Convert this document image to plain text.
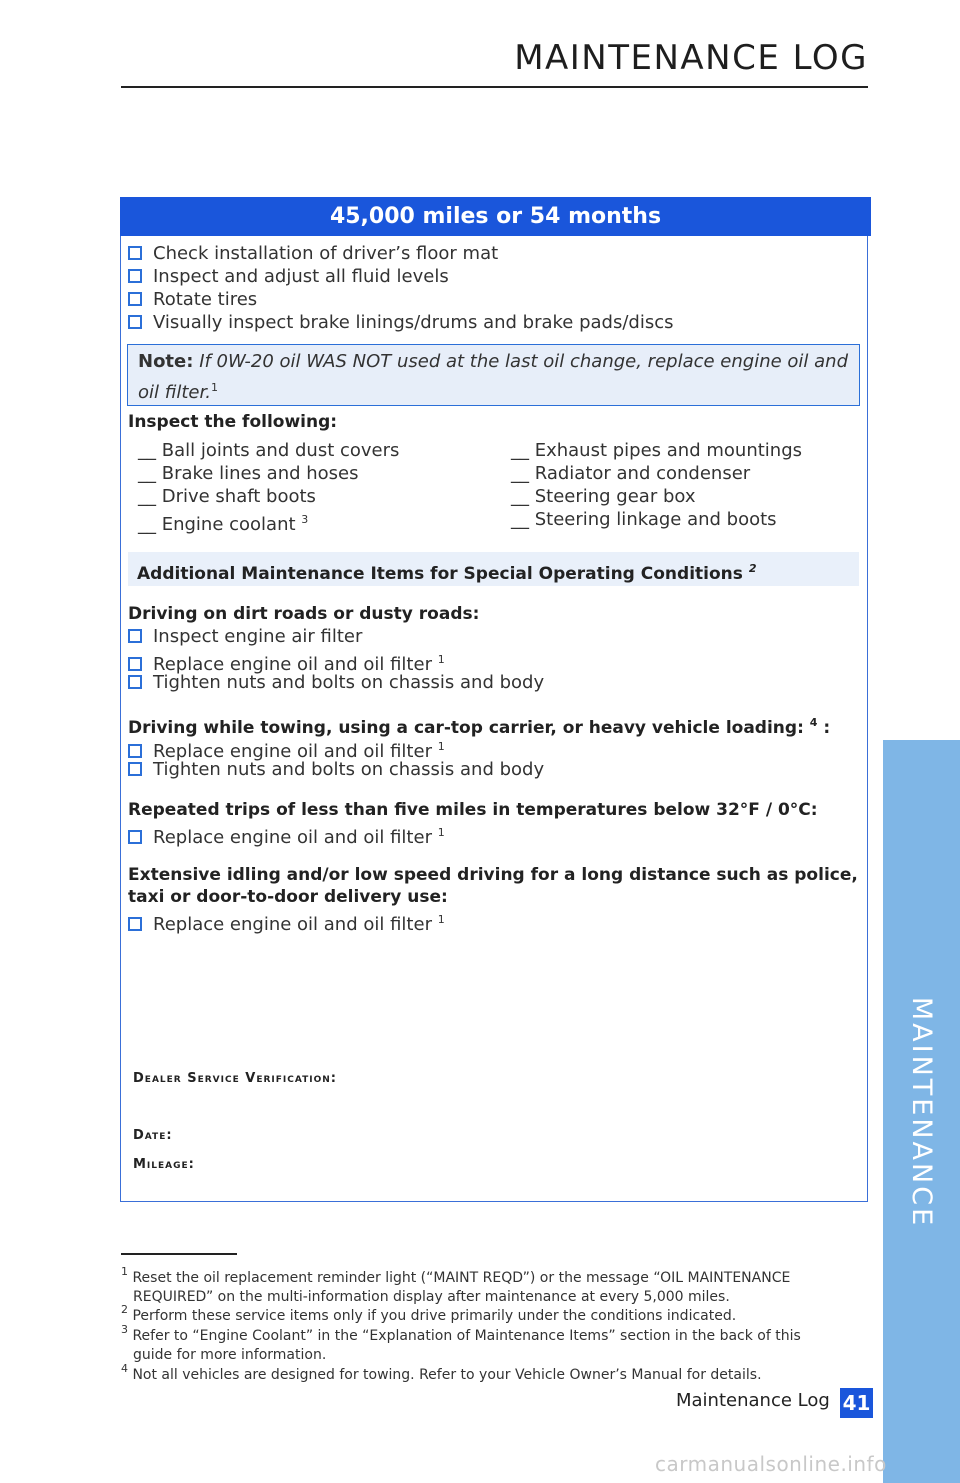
MAINTENANCE LOG
MAINTENANCE
45,000 miles or 54 months
Check installation of driver’s floor mat
Inspect and adjust all fluid levels
Rotate tires
Visually inspect brake linings/drums and brake pads/discs
Note: If 0W-20 oil WAS NOT used at the last oil change, replace engine oil and oil filter.$^1$
Inspect the following:
__ Ball joints and dust covers
__ Brake lines and hoses
__ Drive shaft boots
__ Engine coolant $^3$
__ Exhaust pipes and mountings
__ Radiator and condenser
__ Steering gear box
__ Steering linkage and boots
Additional Maintenance Items for Special Operating Conditions $^2$
Driving on dirt roads or dusty roads:
Inspect engine air filter
Replace engine oil and oil filter $^1$
Tighten nuts and bolts on chassis and body
Driving while towing, using a car-top carrier, or heavy vehicle loading: $^4$ :
Replace engine oil and oil filter $^1$
Tighten nuts and bolts on chassis and body
Repeated trips of less than five miles in temperatures below 32°F / 0°C:
Replace engine oil and oil filter $^1$
Extensive idling and/or low speed driving for a long distance such as police, taxi or door-to-door delivery use:
Replace engine oil and oil filter $^1$
Dealer Service Verification:
Date:
Mileage:
$^1$ Reset the oil replacement reminder light (“MAINT REQD”) or the message “OIL MAINTENANCE
REQUIRED” on the multi-information display after maintenance at every 5,000 miles.
$^2$ Perform these service items only if you drive primarily under the conditions indicated.
$^3$ Refer to “Engine Coolant” in the “Explanation of Maintenance Items” section in the back of this
guide for more information.
$^4$ Not all vehicles are designed for towing. Refer to your Vehicle Owner’s Manual for details.
Maintenance Log 41
carmanualsonline.info
